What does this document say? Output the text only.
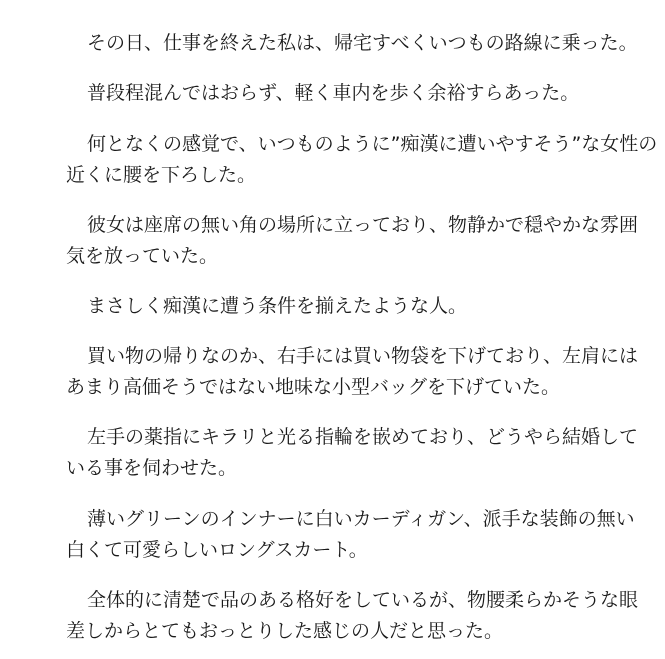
その日、仕事を終えた私は、帰宅すべくいつもの路線に乗った。
普段程混んではおらず、軽く車内を歩く余裕すらあった。
何となくの感覚で、いつものように”痴漢に遭いやすそう”な女性の
近くに腰を下ろした。
彼女は座席の無い角の場所に立っており、物静かで穏やかな雰囲
気を放っていた。
まさしく痴漢に遭う条件を揃えたような人。
買い物の帰りなのか、右手には買い物袋を下げており、左肩には
あまり高価そうではない地味な小型バッグを下げていた。
左手の薬指にキラリと光る指輪を嵌めており、どうやら結婚して
いる事を伺わせた。
薄いグリーンのインナーに白いカーディガン、派手な装飾の無い
白くて可愛らしいロングスカート。
全体的に清楚で品のある格好をしているが、物腰柔らかそうな眼
差しからとてもおっとりした感じの人だと思った。
